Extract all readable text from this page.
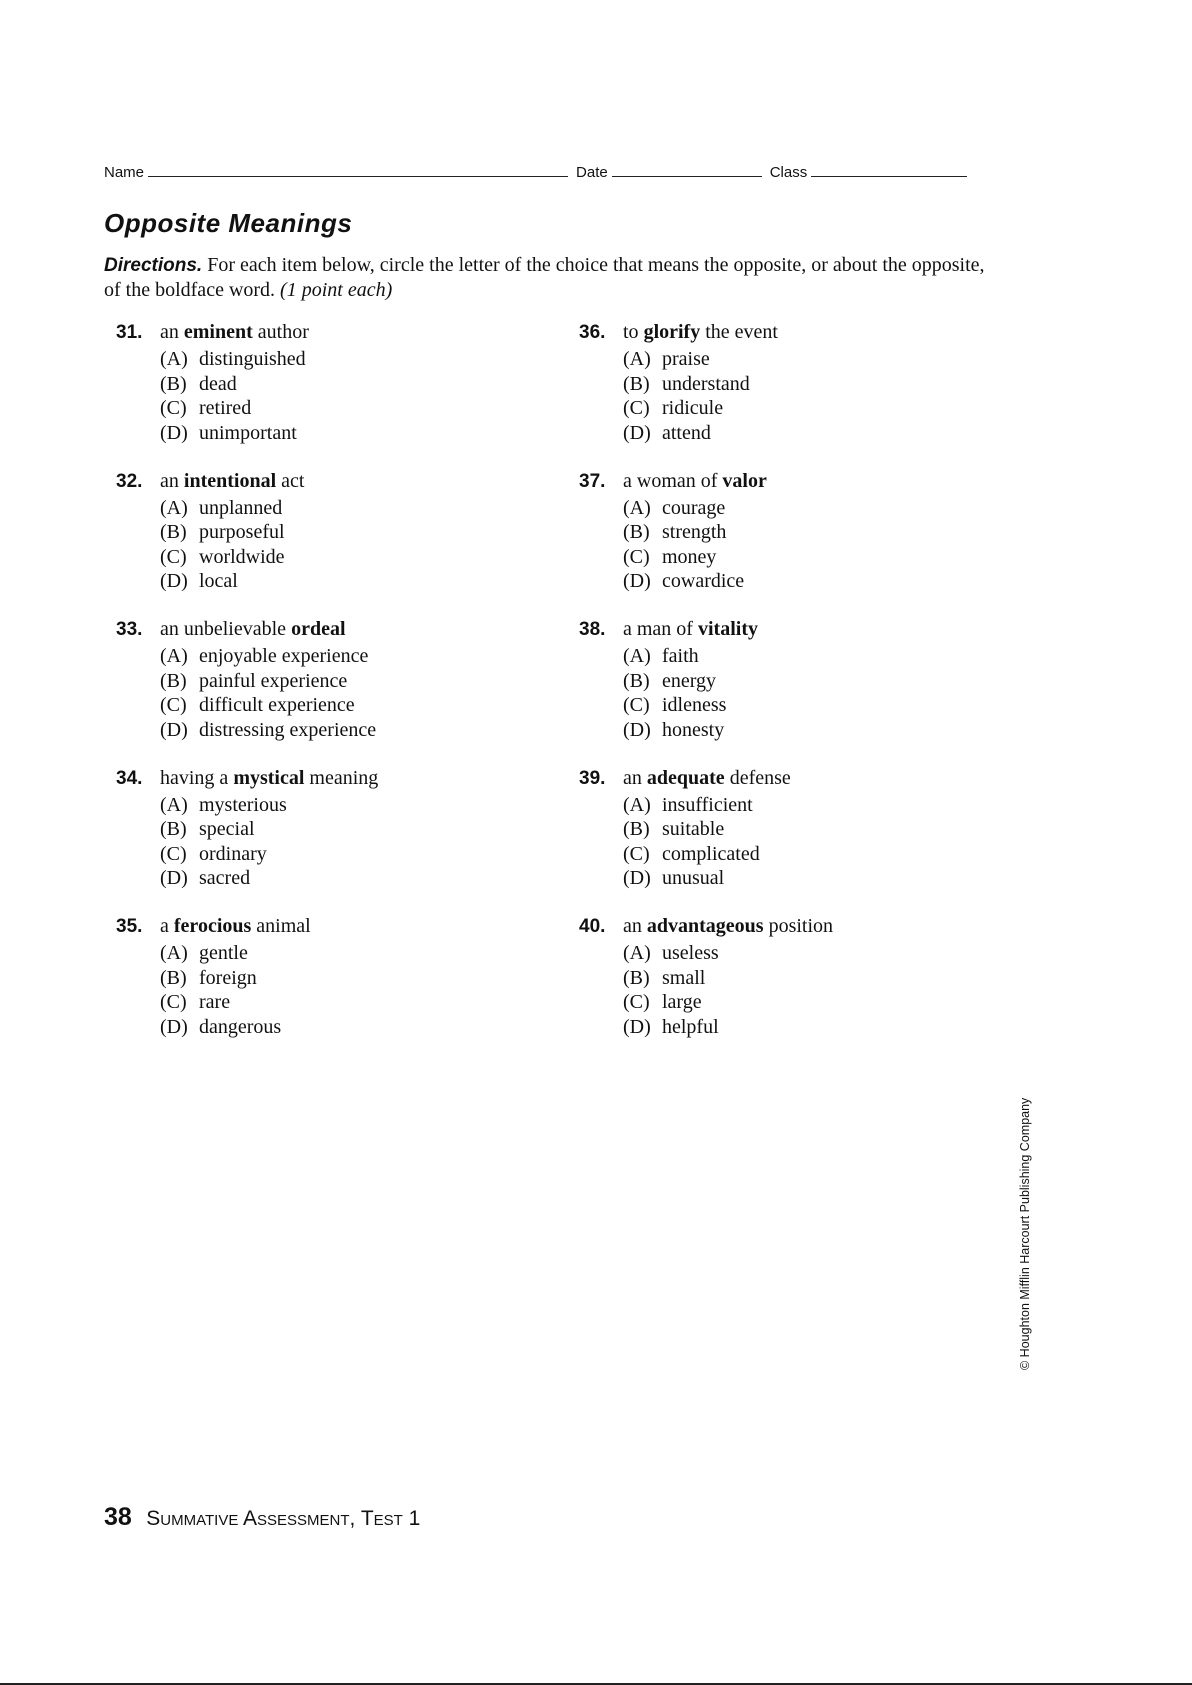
Name	Date	Class
Opposite Meanings
Directions. For each item below, circle the letter of the choice that means the opposite, or about the opposite, of the boldface word. (1 point each)
31. an eminent author
(A) distinguished
(B) dead
(C) retired
(D) unimportant
32. an intentional act
(A) unplanned
(B) purposeful
(C) worldwide
(D) local
33. an unbelievable ordeal
(A) enjoyable experience
(B) painful experience
(C) difficult experience
(D) distressing experience
34. having a mystical meaning
(A) mysterious
(B) special
(C) ordinary
(D) sacred
35. a ferocious animal
(A) gentle
(B) foreign
(C) rare
(D) dangerous
36. to glorify the event
(A) praise
(B) understand
(C) ridicule
(D) attend
37. a woman of valor
(A) courage
(B) strength
(C) money
(D) cowardice
38. a man of vitality
(A) faith
(B) energy
(C) idleness
(D) honesty
39. an adequate defense
(A) insufficient
(B) suitable
(C) complicated
(D) unusual
40. an advantageous position
(A) useless
(B) small
(C) large
(D) helpful
© Houghton Mifflin Harcourt Publishing Company
38 Summative Assessment, Test 1
